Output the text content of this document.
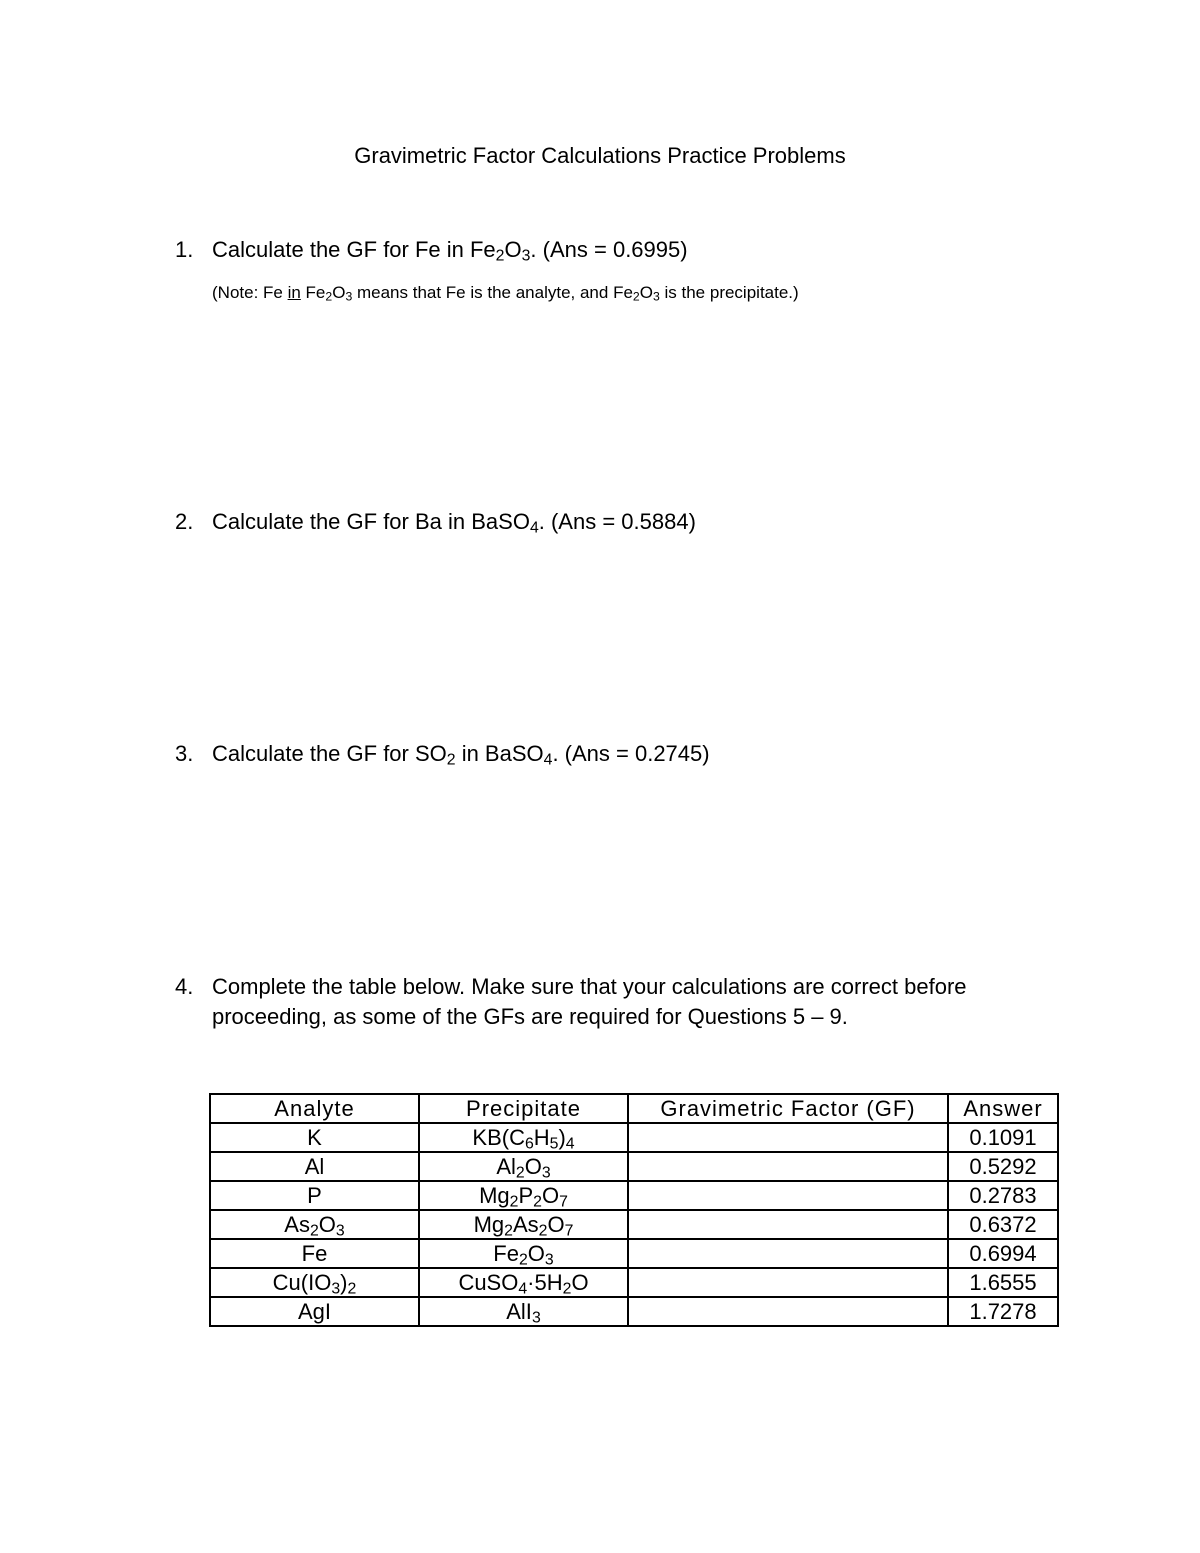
Gravimetric Factor Calculations Practice Problems
1. Calculate the GF for Fe in $Fe_2O_3$. (Ans = 0.6995)
(Note: Fe in $Fe_2O_3$ means that Fe is the analyte, and $Fe_2O_3$ is the precipitate.)
2. Calculate the GF for Ba in BaSO$_4$. (Ans = 0.5884)
3. Calculate the GF for $SO_2$ in BaSO$_4$. (Ans = 0.2745)
4. Complete the table below. Make sure that your calculations are correct before
proceeding, as some of the GFs are required for Questions 5 – 9.
Analyte	Precipitate	Gravimetric Factor (GF)	Answer
K	$KB(C_6H_5)_4$		0.1091
Al	$Al_2O_3$		0.5292
P	$Mg_2P_2O_7$		0.2783
$As_2O_3$	$Mg_2As_2O_7$		0.6372
Fe	$Fe_2O_3$		0.6994
$Cu(IO_3)_2$	$CuSO_4\cdot 5H_2O$		1.6555
AgI	AlI$_3$		1.7278
